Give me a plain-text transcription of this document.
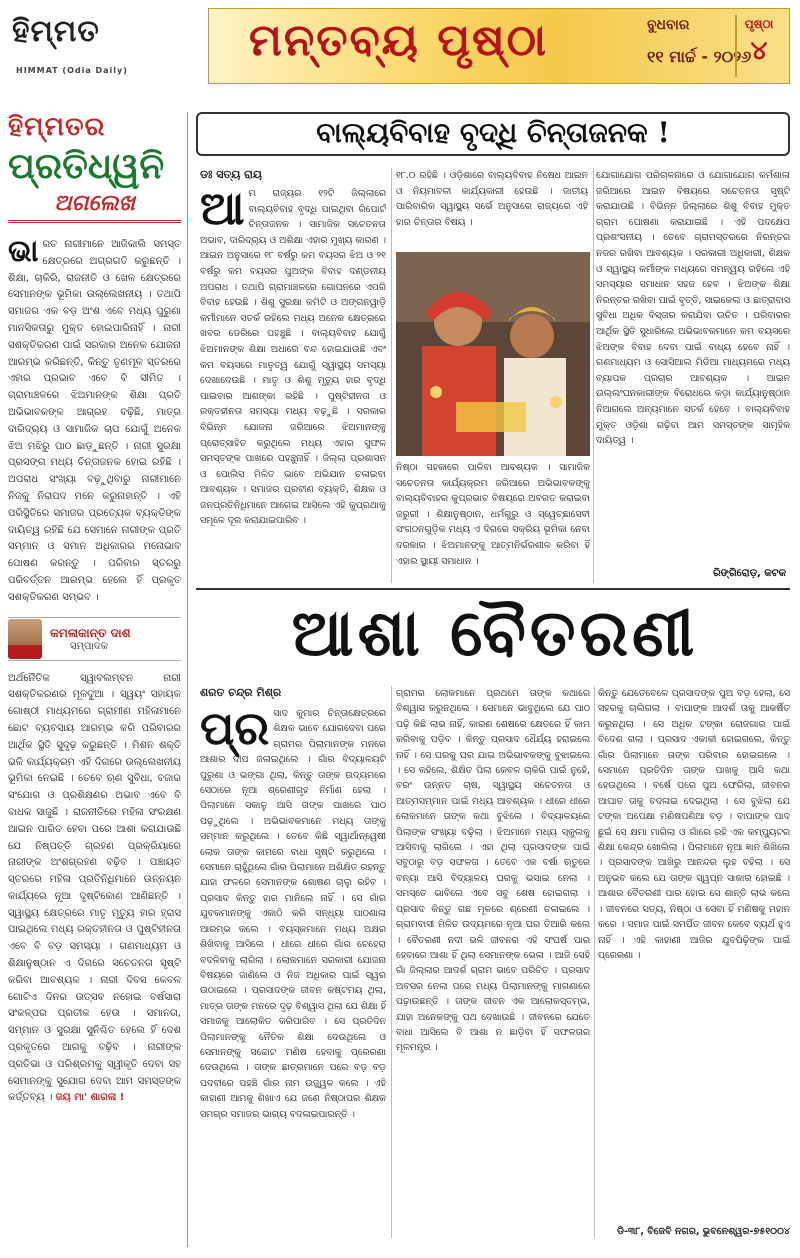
ହିମ୍ମତ
HIMMAT (Odia Daily)
ମନ୍ତବ୍ୟ ପୃଷ୍ଠା	ବୁଧବାର
୧୧ ମାର୍ଚ୍ଚ - ୨୦୨୬
ପୃଷ୍ଠା
୪
ହିମ୍ମତର
ପ୍ରତିଧ୍ୱନି
ଅଗଲେଖ
ଭା ରତ ନାରୀମାନେ ଆଜିକାଲି ସମସ୍ତ କ୍ଷେତ୍ରରେ ଅଗ୍ରଗତି କରୁଛନ୍ତି । ଶିକ୍ଷା, ଚାକିରି, ରାଜନୀତି ଓ ଖେଳ କ୍ଷେତ୍ରରେ ସେମାନଙ୍କ ଭୂମିକା ଉଲ୍ଲେଖନୀୟ । ତଥାପି ସମାଜର ଏକ ବଡ଼ ଅଂଶ ଏବେ ମଧ୍ୟ ପୁରୁଣା ମାନସିକତାରୁ ମୁକ୍ତ ହୋଇପାରିନାହିଁ । ନାରୀ ସଶକ୍ତିକରଣ ପାଇଁ ସରକାର ଅନେକ ଯୋଜନା ଆରମ୍ଭ କରିଛନ୍ତି, କିନ୍ତୁ ତୃଣମୂଳ ସ୍ତରରେ ଏହାର ପ୍ରଭାବ ଏବେ ବି ସୀମିତ । ଗ୍ରାମାଞ୍ଚଳରେ ଝିଅମାନଙ୍କ ଶିକ୍ଷା ପ୍ରତି ଅଭିଭାବକଙ୍କ ଆଗ୍ରହ ବଢ଼ିଛି, ମାତ୍ର ଦାରିଦ୍ର୍ୟ ଓ ସାମାଜିକ ଚାପ ଯୋଗୁଁ ଅନେକ ଝିଅ ମଝିରୁ ପାଠ ଛାଡ଼ୁଛନ୍ତି । ନାରୀ ସୁରକ୍ଷା ପ୍ରସଙ୍ଗ ମଧ୍ୟ ଚିନ୍ତାଜନକ ହୋଇ ରହିଛି । ଅପରାଧ ସଂଖ୍ୟା ବଢ଼ୁଥିବାରୁ ନାରୀମାନେ ନିଜକୁ ନିରାପଦ ମନେ କରୁନାହାନ୍ତି । ଏହି ପରିସ୍ଥିତିରେ ସମାଜର ପ୍ରତ୍ୟେକ ବ୍ୟକ୍ତିଙ୍କ ଦାୟିତ୍ୱ ରହିଛି ଯେ ସେମାନେ ନାରୀଙ୍କ ପ୍ରତି ସମ୍ମାନ ଓ ସମାନ ଅଧିକାରର ମନୋଭାବ ପୋଷଣ କରନ୍ତୁ । ପରିବାର ସ୍ତରରୁ ପରିବର୍ତ୍ତନ ଆରମ୍ଭ ହେଲେ ହିଁ ପ୍ରକୃତ ସଶକ୍ତିକରଣ ସମ୍ଭବ ।
କମଳାକାନ୍ତ ଦାଶ
ସମ୍ପାଦକ
ଅର୍ଥନୈତିକ ସ୍ୱାବଲମ୍ବନ ନାରୀ ସଶକ୍ତିକରଣର ମୂଳଦୁଆ । ସ୍ୱୟଂ ସହାୟକ ଗୋଷ୍ଠୀ ମାଧ୍ୟମରେ ଗ୍ରାମୀଣ ମହିଳାମାନେ ଛୋଟ ବ୍ୟବସାୟ ଆରମ୍ଭ କରି ପରିବାରର ଆର୍ଥିକ ସ୍ଥିତି ସୁଦୃଢ଼ କରୁଛନ୍ତି । ମିଶନ ଶକ୍ତି ଭଳି କାର୍ଯ୍ୟକ୍ରମ ଏହି ଦିଗରେ ଉଲ୍ଲେଖନୀୟ ଭୂମିକା ନେଇଛି । ତେବେ ଋଣ ସୁବିଧା, ବଜାର ସଂଯୋଗ ଓ ପ୍ରଶିକ୍ଷଣର ଅଭାବ ଏବେ ବି ବାଧକ ସାଜୁଛି । ରାଜନୀତିରେ ମହିଳା ସଂରକ୍ଷଣ ଆଇନ ପାରିତ ହେବା ପରେ ଆଶା କରାଯାଉଛି ଯେ ନିଷ୍ପତ୍ତି ଗ୍ରହଣ ପ୍ରକ୍ରିୟାରେ ନାରୀଙ୍କ ଅଂଶଗ୍ରହଣ ବଢ଼ିବ । ପଞ୍ଚାୟତ ସ୍ତରରେ ମହିଳା ପ୍ରତିନିଧିମାନେ ଉନ୍ନୟନ କାର୍ଯ୍ୟରେ ନୂଆ ଦୃଷ୍ଟିକୋଣ ଆଣିଛନ୍ତି । ସ୍ୱାସ୍ଥ୍ୟ କ୍ଷେତ୍ରରେ ମାତୃ ମୃତ୍ୟୁ ହାର ହ୍ରାସ ପାଇଥିଲେ ମଧ୍ୟ ରକ୍ତହୀନତା ଓ ପୁଷ୍ଟିହୀନତା ଏବେ ବି ବଡ଼ ସମସ୍ୟା । ଗଣମାଧ୍ୟମ ଓ ଶିକ୍ଷାନୁଷ୍ଠାନ ଏ ଦିଗରେ ସଚେତନତା ସୃଷ୍ଟି କରିବା ଆବଶ୍ୟକ । ନାରୀ ଦିବସ କେବଳ ଗୋଟିଏ ଦିନର ଉତ୍ସବ ନହୋଇ ବର୍ଷସାରା ସଂକଳ୍ପର ପ୍ରତୀକ ହେଉ । ସମାନତା, ସମ୍ମାନ ଓ ସୁରକ୍ଷା ସୁନିଶ୍ଚିତ ହେଲେ ହିଁ ଦେଶ ପ୍ରକୃତରେ ଆଗକୁ ବଢ଼ିବ । ନାରୀଙ୍କ ପ୍ରତିଭା ଓ ପରିଶ୍ରମକୁ ସ୍ୱୀକୃତି ଦେବା ସହ ସେମାନଙ୍କୁ ସୁଯୋଗ ଦେବା ଆମ ସମସ୍ତଙ୍କ କର୍ତ୍ତବ୍ୟ । ଜୟ ମା' ଶାରଳା !
ବାଲ୍ୟବିବାହ ବୃଦ୍ଧି ଚିନ୍ତାଜନକ !
ଡଃ ସତ୍ୟ ରାୟ
ଆ ମ ରାଜ୍ୟର ୧୨ଟି ଜିଲ୍ଲାରେ ବାଲ୍ୟବିବାହ ବୃଦ୍ଧି ପାଇଥିବା ରିପୋର୍ଟ ଚିନ୍ତାଜନକ । ସାମାଜିକ ସଚେତନତା ଅଭାବ, ଦାରିଦ୍ର୍ୟ ଓ ଅଶିକ୍ଷା ଏହାର ମୁଖ୍ୟ କାରଣ । ଆଇନ ଅନୁସାରେ ୧୮ ବର୍ଷରୁ କମ ବୟସର ଝିଅ ଓ ୨୧ ବର୍ଷରୁ କମ ବୟସର ପୁଅଙ୍କ ବିବାହ ଦଣ୍ଡନୀୟ ଅପରାଧ । ତଥାପି ଗ୍ରାମାଞ୍ଚଳରେ ଗୋପନରେ ଏପରି ବିବାହ ହେଉଛି । ଶିଶୁ ସୁରକ୍ଷା କମିଟି ଓ ଅଙ୍ଗନୱାଡ଼ି କର୍ମୀମାନେ ସତର୍କ ରହିଲେ ମଧ୍ୟ ଅନେକ କ୍ଷେତ୍ରରେ ଖବର ଡେରିରେ ପହଞ୍ଚୁଛି । ବାଲ୍ୟବିବାହ ଯୋଗୁଁ ଝିଅମାନଙ୍କ ଶିକ୍ଷା ଅଧାରେ ବନ୍ଦ ହୋଇଯାଉଛି ଏବଂ କମ ବୟସରେ ମାତୃତ୍ୱ ଯୋଗୁଁ ସ୍ୱାସ୍ଥ୍ୟ ସମସ୍ୟା ଦେଖାଦେଉଛି । ମାତୃ ଓ ଶିଶୁ ମୃତ୍ୟୁ ହାର ବୃଦ୍ଧି ପାଇବାର ଆଶଙ୍କା ରହିଛି । ପୁଷ୍ଟିହୀନତା ଓ ରକ୍ତହୀନତା ସମସ୍ୟା ମଧ୍ୟ ବଢ଼ୁଛି । ସରକାର ବିଭିନ୍ନ ଯୋଜନା ଜରିଆରେ ଝିଅମାନଙ୍କୁ ପ୍ରୋତ୍ସାହିତ କରୁଥିଲେ ମଧ୍ୟ ଏହାର ସୁଫଳ ସମସ୍ତଙ୍କ ପାଖରେ ପହଞ୍ଚୁନାହିଁ । ଜିଲ୍ଲା ପ୍ରଶାସନ ଓ ପୋଲିସ ମିଳିତ ଭାବେ ଅଭିଯାନ ଚଳାଇବା ଆବଶ୍ୟକ । ସମାଜର ପ୍ରବୀଣ ବ୍ୟକ୍ତି, ଶିକ୍ଷକ ଓ ଜନପ୍ରତିନିଧିମାନେ ଆଗେଇ ଆସିଲେ ଏହି କୁପ୍ରଥାକୁ ସମୂଳେ ଦୂର କରାଯାଇପାରିବ ।
୧୮.୦ ରହିଛି । ଓଡ଼ିଶାରେ ବାଲ୍ୟବିବାହ ନିଷେଧ ଆଇନ ଓ ନିୟମାବଳୀ କାର୍ଯ୍ୟକାରୀ ହେଉଛି । ଜାତୀୟ ପାରିବାରିକ ସ୍ୱାସ୍ଥ୍ୟ ସର୍ଭେ ଅନୁସାରେ ରାଜ୍ୟରେ ଏହି ହାର ଚିନ୍ତାର ବିଷୟ ।
ନିଷ୍ଠା ସହକାରେ ପାଳିବା ଆବଶ୍ୟକ । ସାମାଜିକ ସଚେତନତା କାର୍ଯ୍ୟକ୍ରମ ଜରିଆରେ ଅଭିଭାବକଙ୍କୁ ବାଲ୍ୟବିବାହର କୁପ୍ରଭାବ ବିଷୟରେ ଅବଗତ କରାଇବା ଜରୁରୀ । ଶିକ୍ଷାନୁଷ୍ଠାନ, ଧର୍ମଗୁରୁ ଓ ସ୍ୱେଚ୍ଛାସେବୀ ସଂଗଠନଗୁଡ଼ିକ ମଧ୍ୟ ଏ ଦିଗରେ ସକ୍ରିୟ ଭୂମିକା ନେବା ଦରକାର । ଝିଅମାନଙ୍କୁ ଆତ୍ମନିର୍ଭରଶୀଳ କରିବା ହିଁ ଏହାର ସ୍ଥାୟୀ ସମାଧାନ ।
ଯୋଗାଯୋଗ ପରିଚାଳନାରେ ଓ ଯୋଗାଯୋଗ କର୍ମଶାଳା ଜରିଆରେ ଆଇନ ବିଷୟରେ ସଚେତନତା ସୃଷ୍ଟି କରାଯାଉଛି । ବିଭିନ୍ନ ଜିଲ୍ଲାରେ ଶିଶୁ ବିବାହ ମୁକ୍ତ ଗ୍ରାମ ଘୋଷଣା କରାଯାଇଛି । ଏହି ପଦକ୍ଷେପ ପ୍ରଶଂସନୀୟ । ତେବେ ଗ୍ରାମସ୍ତରରେ ନିରନ୍ତର ନଜର ରଖିବା ଆବଶ୍ୟକ । ସରକାରୀ ଅଧିକାରୀ, ଶିକ୍ଷକ ଓ ସ୍ୱାସ୍ଥ୍ୟ କର୍ମୀଙ୍କ ମଧ୍ୟରେ ସମନ୍ୱୟ ରହିଲେ ଏହି ସମସ୍ୟାର ସମାଧାନ ସହଜ ହେବ । ଝିଅଙ୍କ ଶିକ୍ଷା ନିରନ୍ତର ରଖିବା ପାଇଁ ବୃତ୍ତି, ସାଇକେଲ ଓ ଛାତ୍ରାବାସ ସୁବିଧା ଅଧିକ ବିସ୍ତାର କରାଯିବା ଉଚିତ । ପରିବାରର ଆର୍ଥିକ ସ୍ଥିତି ସୁଧାରିଲେ ଅଭିଭାବକମାନେ କମ ବୟସରେ ଝିଅଙ୍କ ବିବାହ ଦେବା ପାଇଁ ବାଧ୍ୟ ହେବେ ନାହିଁ । ଗଣମାଧ୍ୟମ ଓ ସୋସିଆଲ ମିଡିଆ ମାଧ୍ୟମରେ ମଧ୍ୟ ବ୍ୟାପକ ପ୍ରଚାର ଆବଶ୍ୟକ । ଆଇନ ଉଲ୍ଲଂଘନକାରୀଙ୍କ ବିରୋଧରେ କଡ଼ା କାର୍ଯ୍ୟାନୁଷ୍ଠାନ ନିଆଗଲେ ଅନ୍ୟମାନେ ସତର୍କ ହେବେ । ବାଲ୍ୟବିବାହ ମୁକ୍ତ ଓଡ଼ିଶା ଗଢ଼ିବା ଆମ ସମସ୍ତଙ୍କ ସାମୂହିକ ଦାୟିତ୍ୱ ।
ରିଙ୍ଗିରୋଡ଼, କଟକ
ଆଶା ବୈତରଣୀ
ଶରତ ଚନ୍ଦ୍ର ମିଶ୍ର
ପ୍ର ସାଦ କୁମାର ଚିନ୍ତାକ୍ଷେତ୍ରରେ ଶିକ୍ଷକ ଭାବେ ଯୋଗଦେବା ପରେ ଗ୍ରାମର ପିଲାମାନଙ୍କ ମନରେ ଆଶାର ଦୀପ ଜଳାଇଥିଲେ । ଗାଁର ବିଦ୍ୟାଳୟଟି ପୁରୁଣା ଓ ଭଙ୍ଗା ଥିଲା, କିନ୍ତୁ ତାଙ୍କ ଉଦ୍ୟମରେ ସେଠାରେ ନୂଆ ଶ୍ରେଣୀଗୃହ ନିର୍ମାଣ ହେଲା । ପିଲାମାନେ ସକାଳୁ ଆସି ତାଙ୍କ ପାଖରେ ପାଠ ପଢ଼ୁଥିଲେ । ଅଭିଭାବକମାନେ ମଧ୍ୟ ତାଙ୍କୁ ସମ୍ମାନ କରୁଥିଲେ । ତେବେ କିଛି ସ୍ୱାର୍ଥାନ୍ୱେଷୀ ଲୋକ ତାଙ୍କ କାମରେ ବାଧା ସୃଷ୍ଟି କରୁଥିଲେ । ସେମାନେ ଚାହୁଁଥିଲେ ଗାଁର ପିଲାମାନେ ଅଶିକ୍ଷିତ ରହନ୍ତୁ ଯାହା ଫଳରେ ସେମାନଙ୍କ ଶୋଷଣ ଚାଲୁ ରହିବ । ପ୍ରସାଦ କିନ୍ତୁ ହାର ମାନିଲେ ନାହିଁ । ସେ ଗାଁର ଯୁବକମାନଙ୍କୁ ଏକାଠି କରି ସନ୍ଧ୍ୟା ପାଠଶାଳା ଆରମ୍ଭ କଲେ । ବୟସ୍କମାନେ ମଧ୍ୟ ଅକ୍ଷର ଶିଖିବାକୁ ଆସିଲେ । ଧୀରେ ଧୀରେ ଗାଁର ଚେହେରା ବଦଳିବାକୁ ଲାଗିଲା । ଲୋକମାନେ ସରକାରୀ ଯୋଜନା ବିଷୟରେ ଜାଣିଲେ ଓ ନିଜ ଅଧିକାର ପାଇଁ ସ୍ୱର ଉଠାଇଲେ । ପ୍ରସାଦଙ୍କ ଜୀବନ କଷ୍ଟମୟ ଥିଲା, ମାତ୍ର ତାଙ୍କ ମନରେ ଦୃଢ଼ ବିଶ୍ୱାସ ଥିଲା ଯେ ଶିକ୍ଷା ହିଁ ସମାଜକୁ ଆଲୋକିତ କରିପାରିବ । ସେ ପ୍ରତିଦିନ ପିଲାମାନଙ୍କୁ ନୈତିକ ଶିକ୍ଷା ଦେଉଥିଲେ ଓ ସେମାନଙ୍କୁ ସଚ୍ଚୋଟ ମଣିଷ ହେବାକୁ ପ୍ରେରଣା ଦେଉଥିଲେ । ତାଙ୍କ ଛାତ୍ରମାନେ ପରେ ବଡ଼ ବଡ଼ ପଦବୀରେ ପହଞ୍ଚି ଗାଁର ନାମ ଉଜ୍ଜ୍ୱଳ କଲେ । ଏହି କାହାଣୀ ଆମକୁ ଶିଖାଏ ଯେ ଜଣେ ନିଷ୍ଠାପର ଶିକ୍ଷକ ସମଗ୍ର ସମାଜର ଭାଗ୍ୟ ବଦଳାଇପାରନ୍ତି ।
ଗ୍ରାମର ଲୋକମାନେ ପ୍ରଥମେ ତାଙ୍କ କଥାରେ ବିଶ୍ୱାସ କରୁନଥିଲେ । ସେମାନେ ଭାବୁଥିଲେ ଯେ ପାଠ ପଢ଼ି କିଛି ଲାଭ ନାହିଁ, କାରଣ ଶେଷରେ କ୍ଷେତରେ ହିଁ କାମ କରିବାକୁ ପଡ଼ିବ । କିନ୍ତୁ ପ୍ରସାଦ ଧୈର୍ଯ୍ୟ ହରାଇଲେ ନାହିଁ । ସେ ଘରକୁ ଘର ଯାଇ ଅଭିଭାବକଙ୍କୁ ବୁଝାଇଲେ । ସେ କହିଲେ, ଶିକ୍ଷିତ ପିଲା କେବଳ ଚାକିରି ପାଇଁ ନୁହେଁ, ବରଂ ଉନ୍ନତ ଚାଷ, ସ୍ୱାସ୍ଥ୍ୟ ସଚେତନତା ଓ ଆତ୍ମସମ୍ମାନ ପାଇଁ ମଧ୍ୟ ଆବଶ୍ୟକ । ଧୀରେ ଧୀରେ ଲୋକମାନେ ତାଙ୍କ କଥା ବୁଝିଲେ । ବିଦ୍ୟାଳୟରେ ପିଲାଙ୍କ ସଂଖ୍ୟା ବଢ଼ିଲା । ଝିଅମାନେ ମଧ୍ୟ ସ୍କୁଲକୁ ଆସିବାକୁ ଲାଗିଲେ । ଏହା ଥିଲା ପ୍ରସାଦଙ୍କ ପାଇଁ ସବୁଠାରୁ ବଡ଼ ସଫଳତା । ତେବେ ଏକ ବର୍ଷା ଋତୁରେ ବନ୍ୟା ଆସି ବିଦ୍ୟାଳୟ ଘରକୁ ଭସାଇ ନେଲା । ସମସ୍ତେ ଭାବିଲେ ଏବେ ସବୁ ଶେଷ ହୋଇଗଲା । ପ୍ରସାଦ କିନ୍ତୁ ଗଛ ମୂଳରେ ଶ୍ରେଣୀ ଚଳାଇଲେ । ଗ୍ରାମବାସୀ ମିଳିତ ଉଦ୍ୟମରେ ନୂଆ ଘର ତିଆରି କଲେ । ବୈତରଣୀ ନଦୀ ଭଳି ଜୀବନର ଏହି ସଂଘର୍ଷ ପାର ହେବାରେ ଆଶା ହିଁ ଥିଲା ସେମାନଙ୍କ ଭେଳା । ଆଜି ସେହି ଗାଁ ଜିଲ୍ଲାର ଆଦର୍ଶ ଗ୍ରାମ ଭାବେ ପରିଚିତ । ପ୍ରସାଦ ଅବସର ନେଲା ପରେ ମଧ୍ୟ ପିଲାମାନଙ୍କୁ ମାଗଣାରେ ପଢ଼ାଉଛନ୍ତି । ତାଙ୍କ ଜୀବନ ଏକ ଆଲୋକସ୍ତମ୍ଭ, ଯାହା ଅନେକଙ୍କୁ ପଥ ଦେଖାଉଛି । ଜୀବନରେ ଯେତେ ବାଧା ଆସିଲେ ବି ଆଶା ନ ଛାଡ଼ିବା ହିଁ ସଫଳତାର ମୂଳମନ୍ତ୍ର ।
କିନ୍ତୁ ଯେତେବେଳେ ପ୍ରସାଦଙ୍କ ପୁଅ ବଡ଼ ହେଲା, ସେ ସହରକୁ ଚାଲିଗଲା । ବାପାଙ୍କ ଆଦର୍ଶ ତାକୁ ଆକର୍ଷିତ କରୁନଥିଲା । ସେ ଅଧିକ ଟଙ୍କା ରୋଜଗାର ପାଇଁ ବିଦେଶ ଗଲା । ପ୍ରସାଦ ଏକାକୀ ହୋଇଗଲେ, କିନ୍ତୁ ଗାଁର ପିଲାମାନେ ତାଙ୍କ ପରିବାର ହୋଇଗଲେ । ସେମାନେ ପ୍ରତିଦିନ ତାଙ୍କ ପାଖକୁ ଆସି କଥା ହେଉଥିଲେ । ବର୍ଷେ ପରେ ପୁଅ ଫେରିଲା, ଜୀବନର ଆଘାତ ତାକୁ ବଦଳାଇ ଦେଇଥିଲା । ସେ ବୁଝିଲା ଯେ ଟଙ୍କା ଅପେକ୍ଷା ମଣିଷପଣିଆ ବଡ଼ । ବାପାଙ୍କ ପାଦ ଛୁଇଁ ସେ କ୍ଷମା ମାଗିଲା ଓ ଗାଁରେ ରହି ଏକ କମ୍ପ୍ୟୁଟର ଶିକ୍ଷା କେନ୍ଦ୍ର ଖୋଲିଲା । ପିଲାମାନେ ନୂଆ ଜ୍ଞାନ ଶିଖିଲେ । ପ୍ରସାଦଙ୍କ ଆଖିରୁ ଆନନ୍ଦର ଲୁହ ବହିଲା । ସେ ଅନୁଭବ କଲେ ଯେ ତାଙ୍କ ସ୍ୱପ୍ନ ସାକାର ହୋଇଛି । ଆଶାର ବୈତରଣୀ ପାର ହୋଇ ସେ ଶାନ୍ତି ଲାଭ କଲେ । ଜୀବନରେ ସତ୍ୟ, ନିଷ୍ଠା ଓ ସେବା ହିଁ ମଣିଷକୁ ମହାନ କରେ । ସମାଜ ପାଇଁ ସମର୍ପିତ ଜୀବନ କେବେ ବ୍ୟର୍ଥ ହୁଏ ନାହିଁ । ଏହି କାହାଣୀ ଆଜିର ଯୁବପିଢ଼ିଙ୍କ ପାଇଁ ପ୍ରେରଣା ।
ଡି-୩୮, ବିଜେବି ନଗର, ଭୁବନେଶ୍ୱର-୭୫୧୦୦୪
